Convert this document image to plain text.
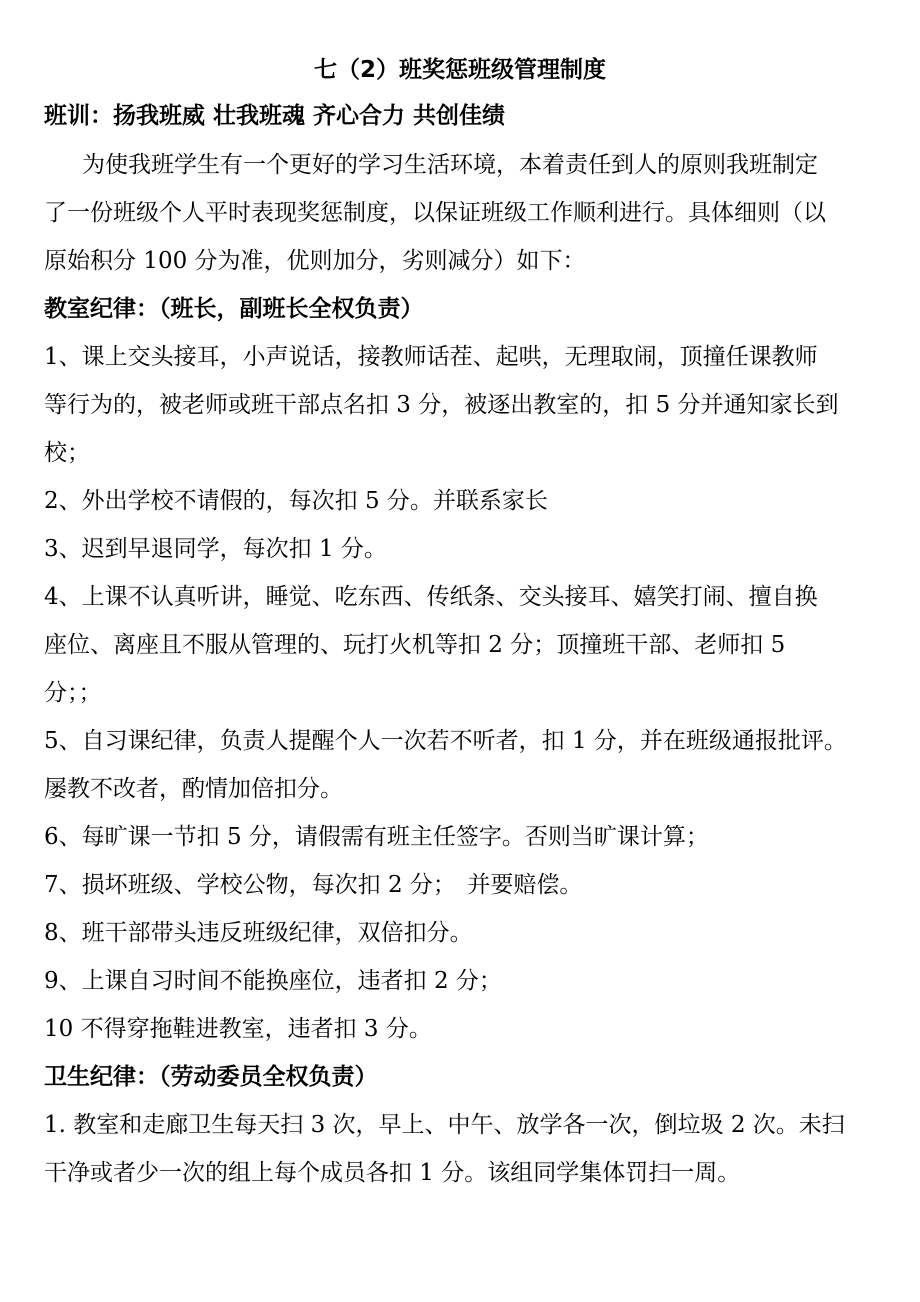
七（2）班奖惩班级管理制度
班训：扬我班威 壮我班魂 齐心合力 共创佳绩
为使我班学生有一个更好的学习生活环境，本着责任到人的原则我班制定
了一份班级个人平时表现奖惩制度，以保证班级工作顺利进行。具体细则（以
原始积分 100 分为准，优则加分，劣则减分）如下：
教室纪律：（班长，副班长全权负责）
1、课上交头接耳，小声说话，接教师话茬、起哄，无理取闹，顶撞任课教师
等行为的，被老师或班干部点名扣 3 分，被逐出教室的，扣 5 分并通知家长到
校；
2、外出学校不请假的，每次扣 5 分。并联系家长
3、迟到早退同学，每次扣 1 分。
4、上课不认真听讲，睡觉、吃东西、传纸条、交头接耳、嬉笑打闹、擅自换
座位、离座且不服从管理的、玩打火机等扣 2 分；顶撞班干部、老师扣 5
分；；
5、自习课纪律，负责人提醒个人一次若不听者，扣 1 分，并在班级通报批评。
屡教不改者，酌情加倍扣分。
6、每旷课一节扣 5 分，请假需有班主任签字。否则当旷课计算；
7、损坏班级、学校公物，每次扣 2 分；　并要赔偿。
8、班干部带头违反班级纪律，双倍扣分。
9、上课自习时间不能换座位，违者扣 2 分；
10 不得穿拖鞋进教室，违者扣 3 分。
卫生纪律：（劳动委员全权负责）
1. 教室和走廊卫生每天扫 3 次，早上、中午、放学各一次，倒垃圾 2 次。未扫
干净或者少一次的组上每个成员各扣 1 分。该组同学集体罚扫一周。
